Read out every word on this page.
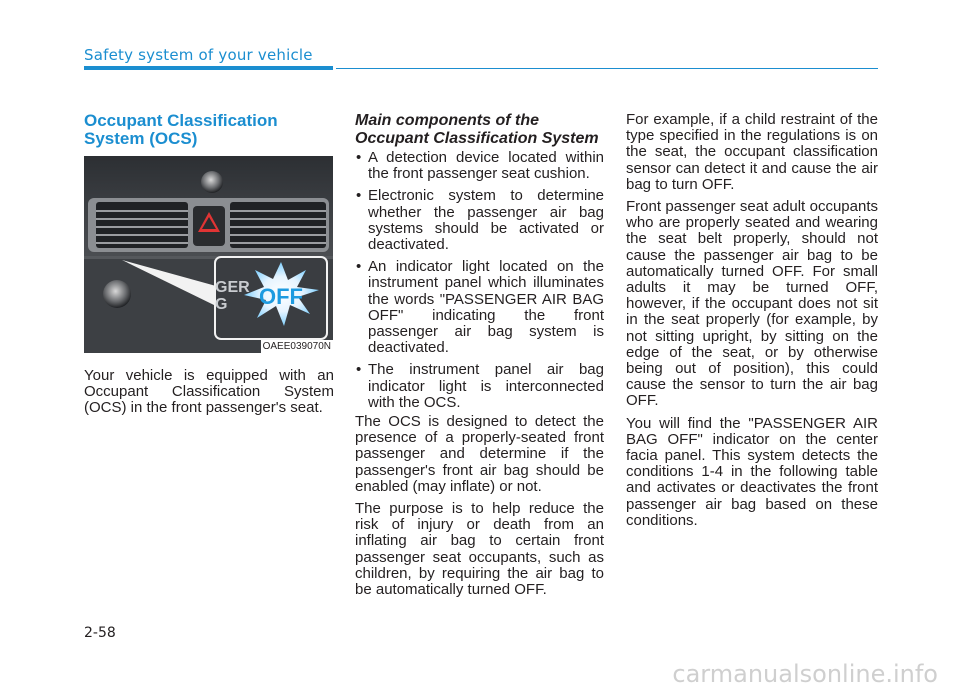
Safety system of your vehicle
Occupant Classification System (OCS)
GER
G OFF
OAEE039070N

Your vehicle is equipped with an Occupant Classification System (OCS) in the front passenger's seat.

Main components of the Occupant Classification System
• A detection device located within the front passenger seat cushion.
• Electronic system to determine whether the passenger air bag systems should be activated or deactivated.
• An indicator light located on the instrument panel which illuminates the words "PASSENGER AIR BAG OFF" indicating the front passenger air bag system is deactivated.
• The instrument panel air bag indicator light is interconnected with the OCS.

The OCS is designed to detect the presence of a properly-seated front passenger and determine if the passenger's front air bag should be enabled (may inflate) or not.

The purpose is to help reduce the risk of injury or death from an inflating air bag to certain front passenger seat occupants, such as children, by requiring the air bag to be automatically turned OFF.

For example, if a child restraint of the type specified in the regulations is on the seat, the occupant classification sensor can detect it and cause the air bag to turn OFF.

Front passenger seat adult occupants who are properly seated and wearing the seat belt properly, should not cause the passenger air bag to be automatically turned OFF. For small adults it may be turned OFF, however, if the occupant does not sit in the seat properly (for example, by not sitting upright, by sitting on the edge of the seat, or by otherwise being out of position), this could cause the sensor to turn the air bag OFF.

You will find the "PASSENGER AIR BAG OFF" indicator on the center facia panel. This system detects the conditions 1-4 in the following table and activates or deactivates the front passenger air bag based on these conditions.

2-58
carmanualsonline.info
